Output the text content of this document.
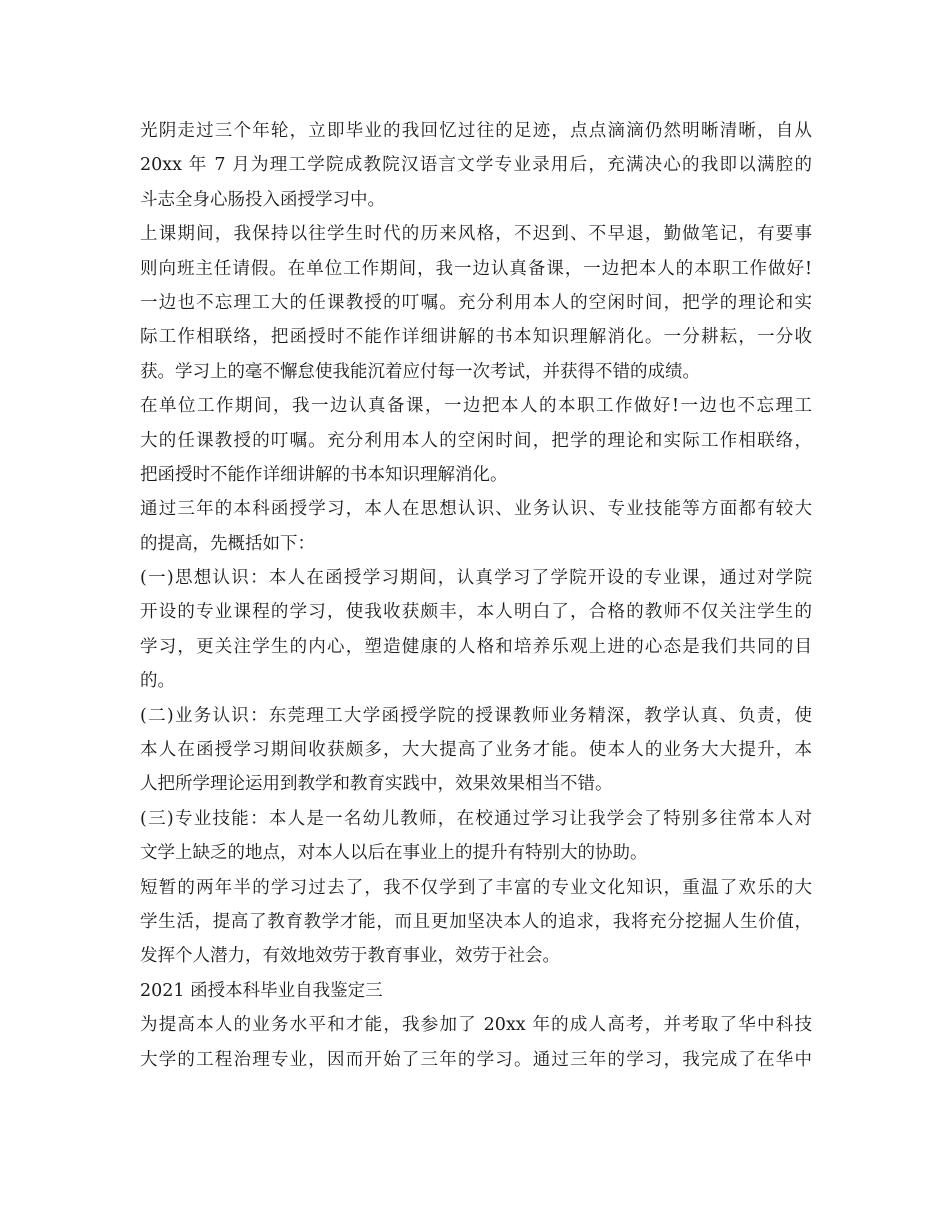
光阴走过三个年轮，立即毕业的我回忆过往的足迹，点点滴滴仍然明晰清晰，自从
20xx 年 7 月为理工学院成教院汉语言文学专业录用后，充满决心的我即以满腔的
斗志全身心肠投入函授学习中。
上课期间，我保持以往学生时代的历来风格，不迟到、不早退，勤做笔记，有要事
则向班主任请假。在单位工作期间，我一边认真备课，一边把本人的本职工作做好!
一边也不忘理工大的任课教授的叮嘱。充分利用本人的空闲时间，把学的理论和实
际工作相联络，把函授时不能作详细讲解的书本知识理解消化。一分耕耘，一分收
获。学习上的毫不懈怠使我能沉着应付每一次考试，并获得不错的成绩。
在单位工作期间，我一边认真备课，一边把本人的本职工作做好!一边也不忘理工
大的任课教授的叮嘱。充分利用本人的空闲时间，把学的理论和实际工作相联络，
把函授时不能作详细讲解的书本知识理解消化。
通过三年的本科函授学习，本人在思想认识、业务认识、专业技能等方面都有较大
的提高，先概括如下：
(一)思想认识：本人在函授学习期间，认真学习了学院开设的专业课，通过对学院
开设的专业课程的学习，使我收获颇丰，本人明白了，合格的教师不仅关注学生的
学习，更关注学生的内心，塑造健康的人格和培养乐观上进的心态是我们共同的目
的。
(二)业务认识：东莞理工大学函授学院的授课教师业务精深，教学认真、负责，使
本人在函授学习期间收获颇多，大大提高了业务才能。使本人的业务大大提升，本
人把所学理论运用到教学和教育实践中，效果效果相当不错。
(三)专业技能：本人是一名幼儿教师，在校通过学习让我学会了特别多往常本人对
文学上缺乏的地点，对本人以后在事业上的提升有特别大的协助。
短暂的两年半的学习过去了，我不仅学到了丰富的专业文化知识，重温了欢乐的大
学生活，提高了教育教学才能，而且更加坚决本人的追求，我将充分挖掘人生价值，
发挥个人潜力，有效地效劳于教育事业，效劳于社会。
2021 函授本科毕业自我鉴定三
为提高本人的业务水平和才能，我参加了 20xx 年的成人高考，并考取了华中科技
大学的工程治理专业，因而开始了三年的学习。通过三年的学习，我完成了在华中
